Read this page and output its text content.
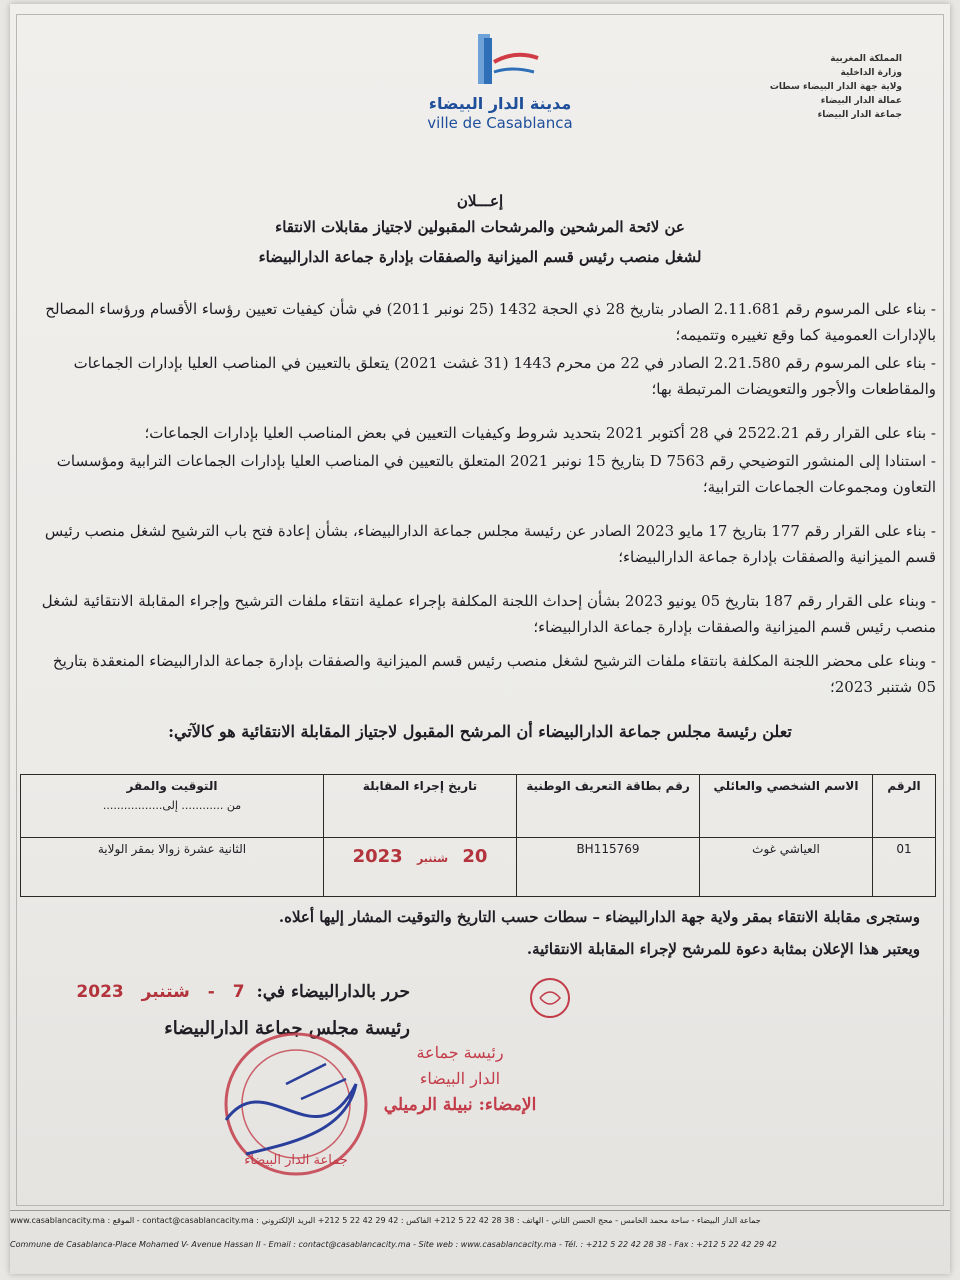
مدينة الدار البيضاء
ville de Casablanca
المملكة المغربية
وزارة الداخلية
ولاية جهة الدار البيضاء سطات
عمالة الدار البيضاء
جماعة الدار البيضاء
إعـــلان
عن لائحة المرشحين والمرشحات المقبولين لاجتياز مقابلات الانتقاء
لشغل منصب رئيس قسم الميزانية والصفقات بإدارة جماعة الدارالبيضاء
- بناء على المرسوم رقم 2.11.681 الصادر بتاريخ 28 ذي الحجة 1432 (25 نونبر 2011) في شأن كيفيات تعيين رؤساء الأقسام ورؤساء المصالح بالإدارات العمومية كما وقع تغييره وتتميمه؛
- بناء على المرسوم رقم 2.21.580 الصادر في 22 من محرم 1443 (31 غشت 2021) يتعلق بالتعيين في المناصب العليا بإدارات الجماعات والمقاطعات والأجور والتعويضات المرتبطة بها؛
- بناء على القرار رقم 2522.21 في 28 أكتوبر 2021 بتحديد شروط وكيفيات التعيين في بعض المناصب العليا بإدارات الجماعات؛
- استنادا إلى المنشور التوضيحي رقم D 7563 بتاريخ 15 نونبر 2021 المتعلق بالتعيين في المناصب العليا بإدارات الجماعات الترابية ومؤسسات التعاون ومجموعات الجماعات الترابية؛
- بناء على القرار رقم 177 بتاريخ 17 مايو 2023 الصادر عن رئيسة مجلس جماعة الدارالبيضاء، بشأن إعادة فتح باب الترشيح لشغل منصب رئيس قسم الميزانية والصفقات بإدارة جماعة الدارالبيضاء؛
- وبناء على القرار رقم 187 بتاريخ 05 يونيو 2023 بشأن إحداث اللجنة المكلفة بإجراء عملية انتقاء ملفات الترشيح وإجراء المقابلة الانتقائية لشغل منصب رئيس قسم الميزانية والصفقات بإدارة جماعة الدارالبيضاء؛
- وبناء على محضر اللجنة المكلفة بانتقاء ملفات الترشيح لشغل منصب رئيس قسم الميزانية والصفقات بإدارة جماعة الدارالبيضاء المنعقدة بتاريخ 05 شتنبر 2023؛
تعلن رئيسة مجلس جماعة الدارالبيضاء أن المرشح المقبول لاجتياز المقابلة الانتقائية هو كالآتي:
الرقم	الاسم الشخصي والعائلي	رقم بطاقة التعريف الوطنية	تاريخ إجراء المقابلة	التوقيت والمقر
من ............ إلى.................

01	العياشي غوث	BH115769	20 شتنبر 2023	الثانية عشرة زوالا بمقر الولاية
وستجرى مقابلة الانتقاء بمقر ولاية جهة الدارالبيضاء – سطات حسب التاريخ والتوقيت المشار إليها أعلاه.
ويعتبر هذا الإعلان بمثابة دعوة للمرشح لإجراء المقابلة الانتقائية.
حرر بالدارالبيضاء في: 7 - شتنبر 2023
رئيسة مجلس جماعة الدارالبيضاء
جماعة الدار البيضاء
رئيسة جماعة
الدار البيضاء
الإمضاء: نبيلة الرميلي
جماعة الدار البيضاء - ساحة محمد الخامس - محج الحسن الثاني - الهاتف : 38 28 42 22 5 212+ الفاكس : 42 29 42 22 5 212+ البريد الإلكتروني : contact@casablancacity.ma - الموقع : www.casablancacity.ma
Commune de Casablanca-Place Mohamed V- Avenue Hassan II - Email : contact@casablancacity.ma - Site web : www.casablancacity.ma - Tél. : +212 5 22 42 28 38 - Fax : +212 5 22 42 29 42
